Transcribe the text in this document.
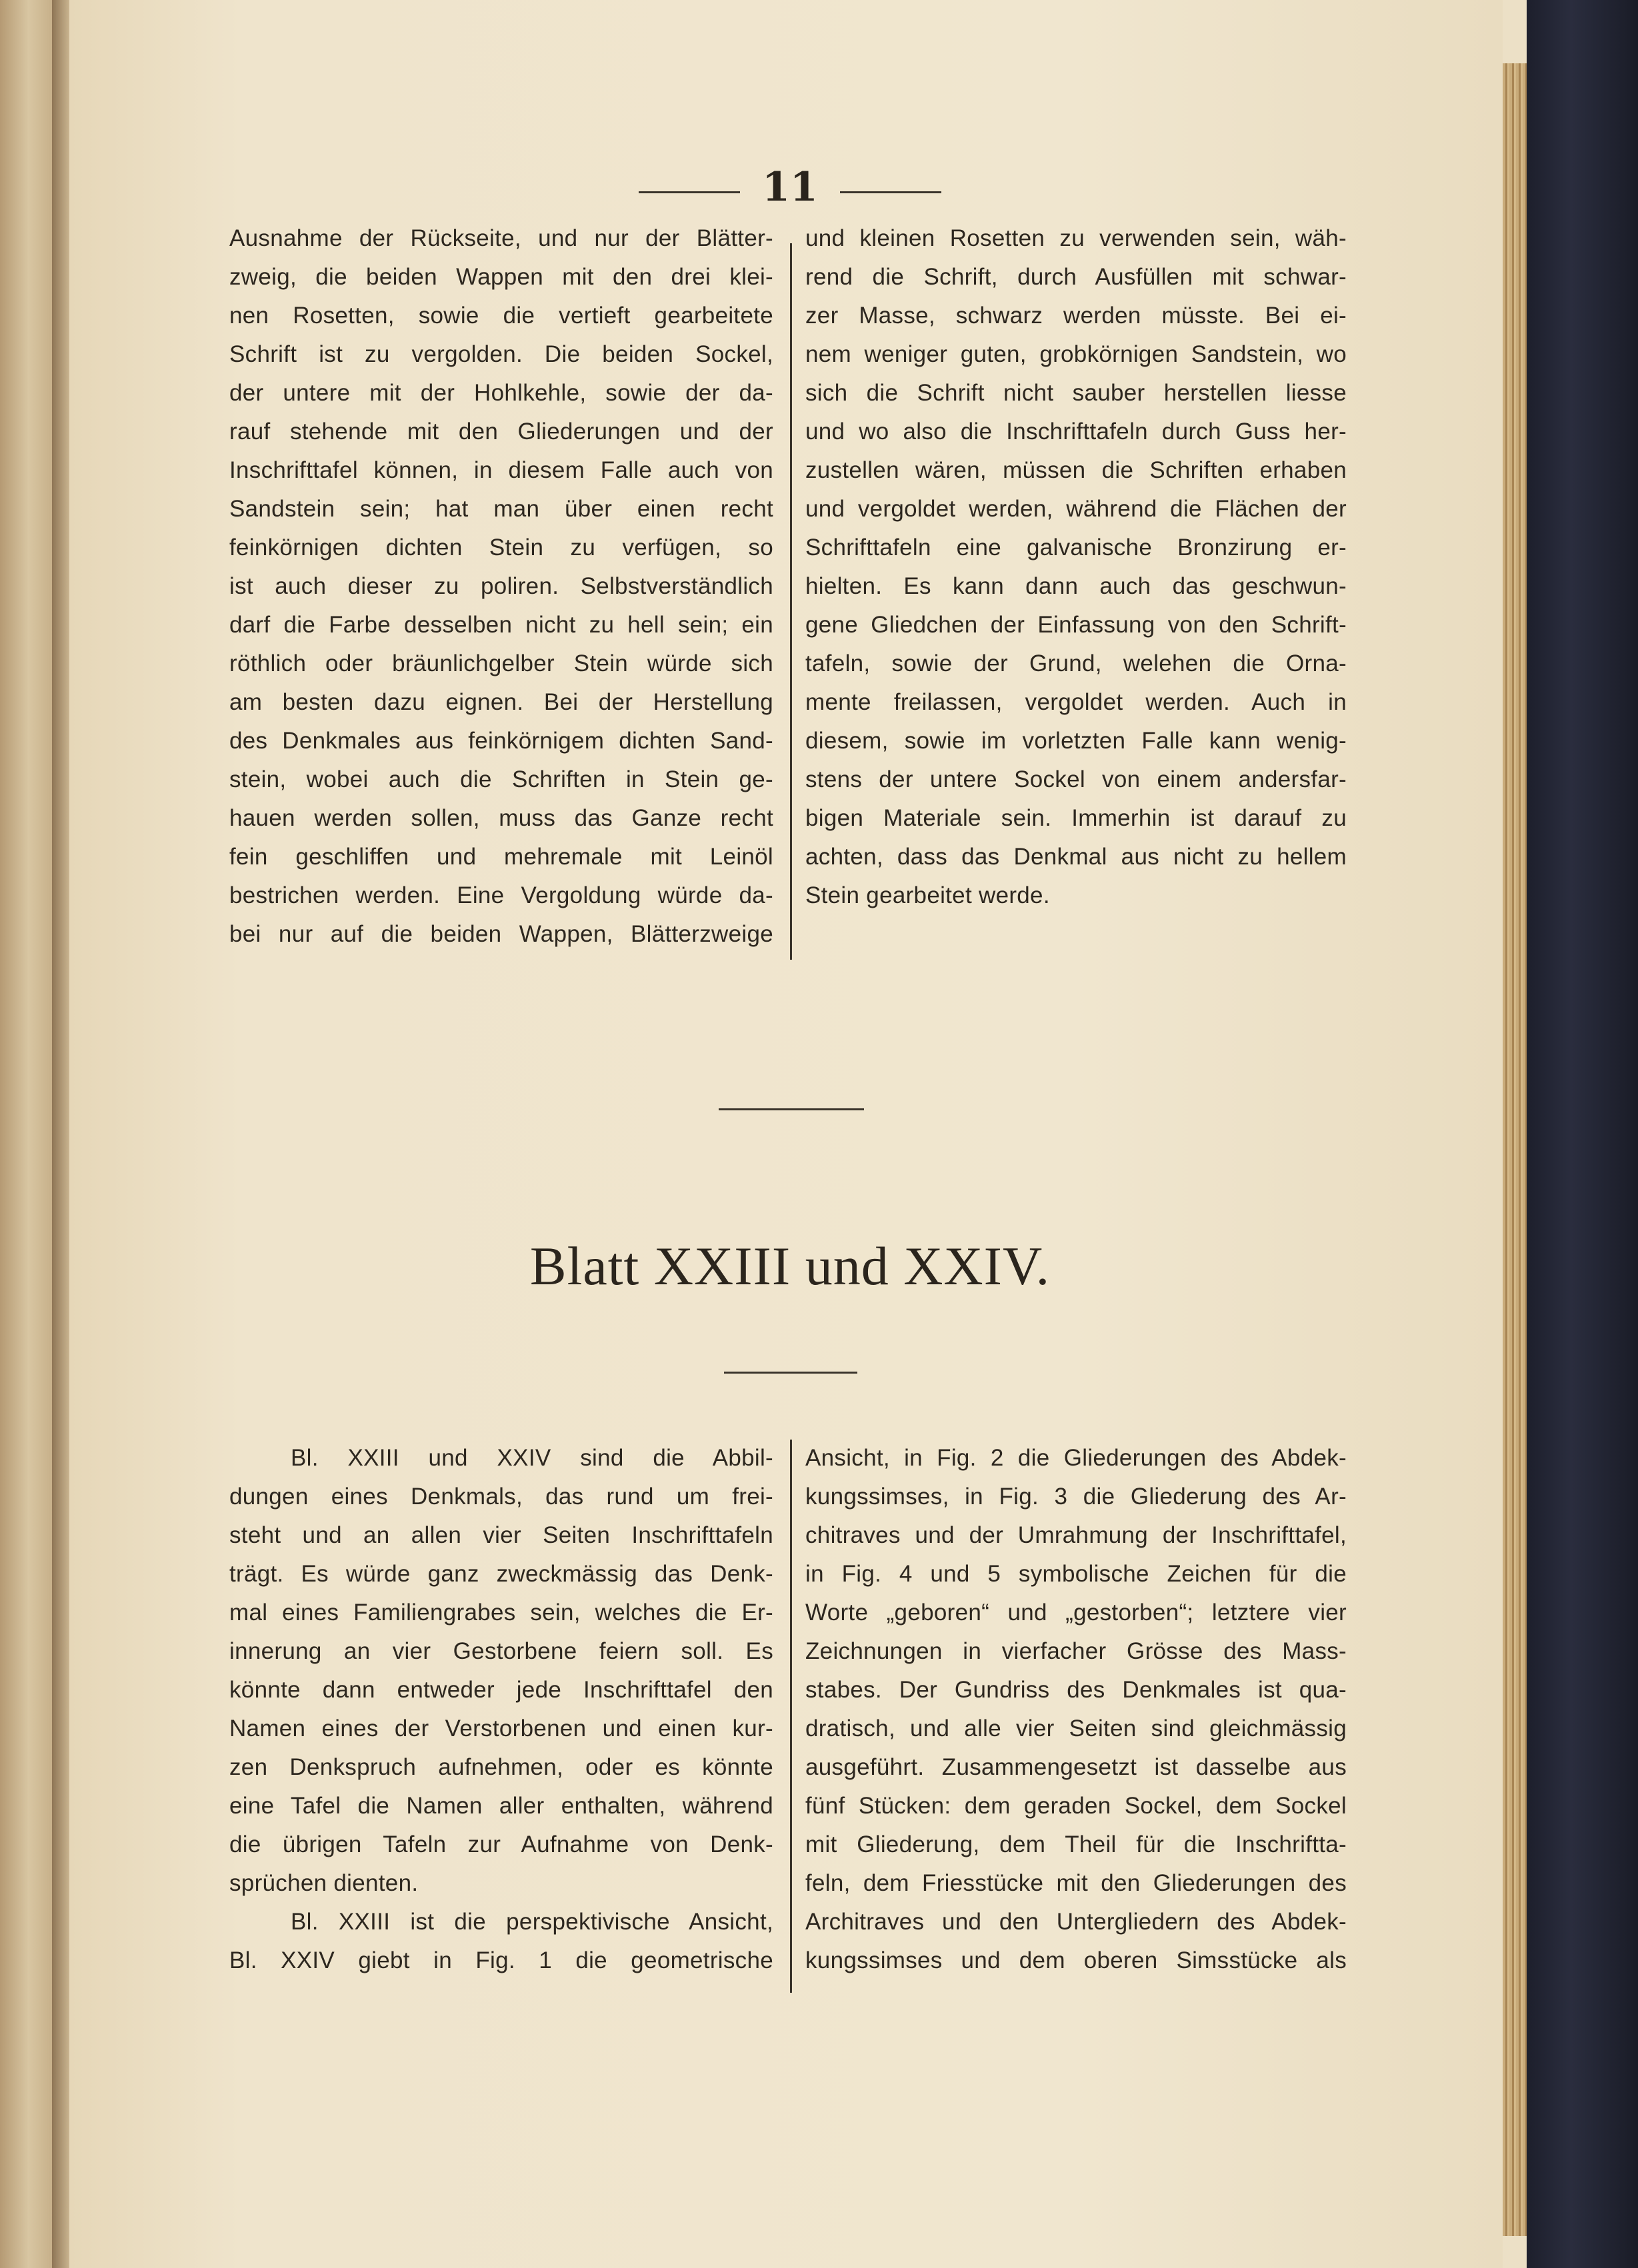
11
Ausnahme der Rückseite, und nur der Blätter-
zweig, die beiden Wappen mit den drei klei-
nen Rosetten, sowie die vertieft gearbeitete
Schrift ist zu vergolden. Die beiden Sockel,
der untere mit der Hohlkehle, sowie der da-
rauf stehende mit den Gliederungen und der
Inschrifttafel können, in diesem Falle auch von
Sandstein sein; hat man über einen recht
feinkörnigen dichten Stein zu verfügen, so
ist auch dieser zu poliren. Selbstverständlich
darf die Farbe desselben nicht zu hell sein; ein
röthlich oder bräunlichgelber Stein würde sich
am besten dazu eignen. Bei der Herstellung
des Denkmales aus feinkörnigem dichten Sand-
stein, wobei auch die Schriften in Stein ge-
hauen werden sollen, muss das Ganze recht
fein geschliffen und mehremale mit Leinöl
bestrichen werden. Eine Vergoldung würde da-
bei nur auf die beiden Wappen, Blätterzweige
und kleinen Rosetten zu verwenden sein, wäh-
rend die Schrift, durch Ausfüllen mit schwar-
zer Masse, schwarz werden müsste. Bei ei-
nem weniger guten, grobkörnigen Sandstein, wo
sich die Schrift nicht sauber herstellen liesse
und wo also die Inschrifttafeln durch Guss her-
zustellen wären, müssen die Schriften erhaben
und vergoldet werden, während die Flächen der
Schrifttafeln eine galvanische Bronzirung er-
hielten. Es kann dann auch das geschwun-
gene Gliedchen der Einfassung von den Schrift-
tafeln, sowie der Grund, welehen die Orna-
mente freilassen, vergoldet werden. Auch in
diesem, sowie im vorletzten Falle kann wenig-
stens der untere Sockel von einem andersfar-
bigen Materiale sein. Immerhin ist darauf zu
achten, dass das Denkmal aus nicht zu hellem
Stein gearbeitet werde.
Blatt XXIII und XXIV.
Bl. XXIII und XXIV sind die Abbil-
dungen eines Denkmals, das rund um frei-
steht und an allen vier Seiten Inschrifttafeln
trägt. Es würde ganz zweckmässig das Denk-
mal eines Familiengrabes sein, welches die Er-
innerung an vier Gestorbene feiern soll. Es
könnte dann entweder jede Inschrifttafel den
Namen eines der Verstorbenen und einen kur-
zen Denkspruch aufnehmen, oder es könnte
eine Tafel die Namen aller enthalten, während
die übrigen Tafeln zur Aufnahme von Denk-
sprüchen dienten.
Bl. XXIII ist die perspektivische Ansicht,
Bl. XXIV giebt in Fig. 1 die geometrische
Ansicht, in Fig. 2 die Gliederungen des Abdek-
kungssimses, in Fig. 3 die Gliederung des Ar-
chitraves und der Umrahmung der Inschrifttafel,
in Fig. 4 und 5 symbolische Zeichen für die
Worte „geboren“ und „gestorben“; letztere vier
Zeichnungen in vierfacher Grösse des Mass-
stabes. Der Gundriss des Denkmales ist qua-
dratisch, und alle vier Seiten sind gleichmässig
ausgeführt. Zusammengesetzt ist dasselbe aus
fünf Stücken: dem geraden Sockel, dem Sockel
mit Gliederung, dem Theil für die Inschriftta-
feln, dem Friesstücke mit den Gliederungen des
Architraves und den Untergliedern des Abdek-
kungssimses und dem oberen Simsstücke als
